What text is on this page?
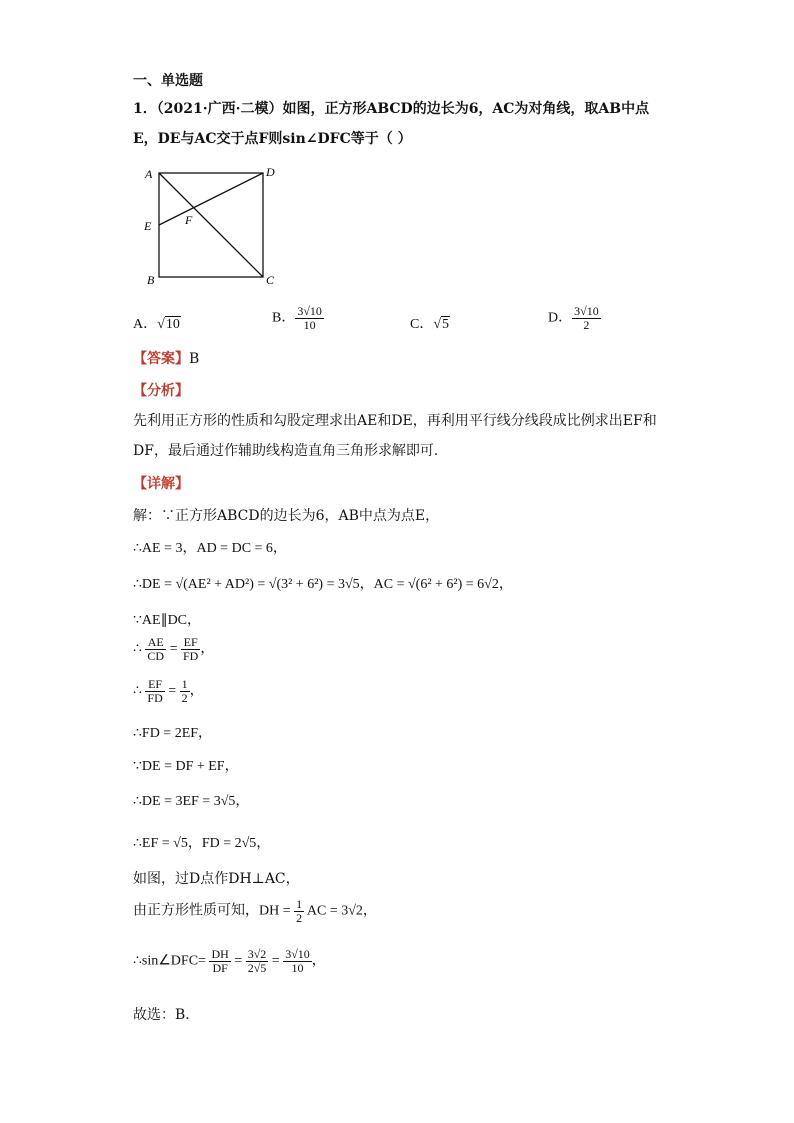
一、单选题
1．（2021·广西·二模）如图，正方形ABCD的边长为6，AC为对角线，取AB中点
E，DE与AC交于点F则sin∠DFC等于（ ）
A	D
E	F
B	C
A．√10	B． $\frac{3√10}{10}$	C．√5	D． $\frac{3√10}{2}$
【答案】B
【分析】
先利用正方形的性质和勾股定理求出AE和DE，再利用平行线分线段成比例求出EF和
DF，最后通过作辅助线构造直角三角形求解即可．
【详解】
解：∵正方形ABCD的边长为6，AB中点为点E，
∴AE = 3，AD = DC = 6，
∴DE = √(AE² + AD²) = √(3² + 6²) = 3√5，AC = √(6² + 6²) = 6√2，
∵AE∥DC，
∴ $\frac{AE}{CD} = \frac{EF}{FD}$ ，
∴ $\frac{EF}{FD} = \frac{1}{2}$ ，
∴FD = 2EF，
∵DE = DF + EF，
∴DE = 3EF = 3√5，
∴EF = √5，FD = 2√5，
如图，过D点作DH⊥AC，
由正方形性质可知，DH = $\frac{1}{2}$ AC = 3√2，
∴sin∠DFC= $\frac{DH}{DF} = \frac{3√2}{2√5} = \frac{3√10}{10}$ ，
故选：B．
